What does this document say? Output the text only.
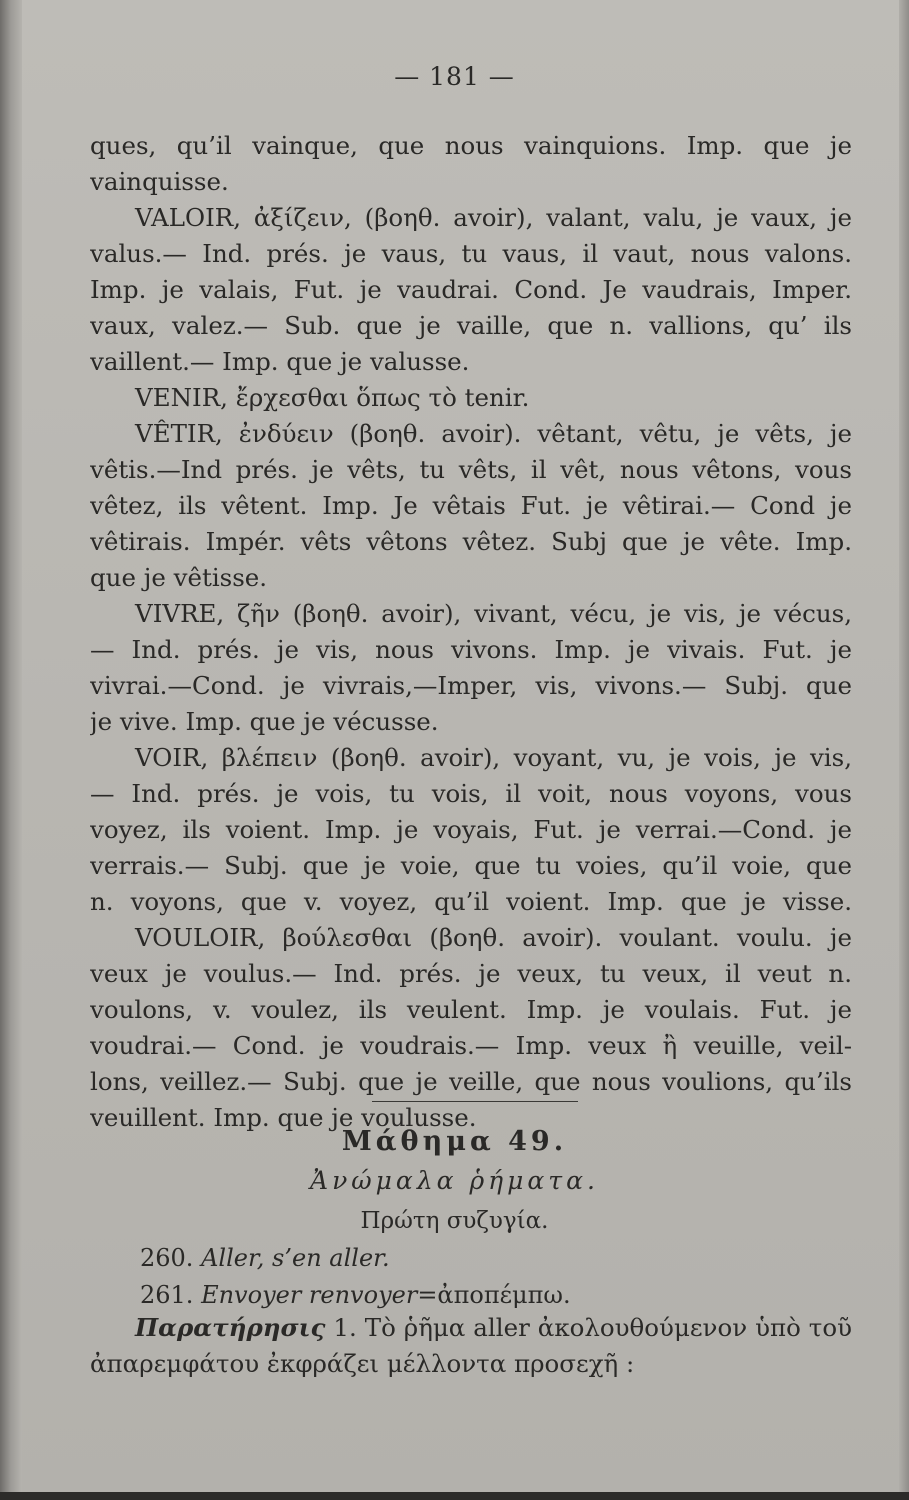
— 181 —
ques, qu’il vainque, que nous vainquions. Imp. que je
vainquisse.
VALOIR, ἀξίζειν, (βοηθ. avoir), valant, valu, je vaux, je
valus.— Ind. prés. je vaus, tu vaus, il vaut, nous valons.
Imp. je valais, Fut. je vaudrai. Cond. Je vaudrais, Imper.
vaux, valez.— Sub. que je vaille, que n. vallions, qu’ ils
vaillent.— Imp. que je valusse.
VENIR, ἔρχεσθαι ὅπως τὸ tenir.
VÊTIR, ἐνδύειν (βοηθ. avoir). vêtant, vêtu, je vêts, je
vêtis.—Ind prés. je vêts, tu vêts, il vêt, nous vêtons, vous
vêtez, ils vêtent. Imp. Je vêtais Fut. je vêtirai.— Cond je
vêtirais. Impér. vêts vêtons vêtez. Subj que je vête. Imp.
que je vêtisse.
VIVRE, ζῆν (βοηθ. avoir), vivant, vécu, je vis, je vécus,
— Ind. prés. je vis, nous vivons. Imp. je vivais. Fut. je
vivrai.—Cond. je vivrais,—Imper, vis, vivons.— Subj. que
je vive. Imp. que je vécusse.
VOIR, βλέπειν (βοηθ. avoir), voyant, vu, je vois, je vis,
— Ind. prés. je vois, tu vois, il voit, nous voyons, vous
voyez, ils voient. Imp. je voyais, Fut. je verrai.—Cond. je
verrais.— Subj. que je voie, que tu voies, qu’il voie, que
n. voyons, que v. voyez, qu’il voient. Imp. que je visse.
VOULOIR, βούλεσθαι (βοηθ. avoir). voulant. voulu. je
veux je voulus.— Ind. prés. je veux, tu veux, il veut n.
voulons, v. voulez, ils veulent. Imp. je voulais. Fut. je
voudrai.— Cond. je voudrais.— Imp. veux ἢ veuille, veil-
lons, veillez.— Subj. que je veille, que nous voulions, qu’ils
veuillent. Imp. que je voulusse.
Μάθημα 49.
Ἀνώμαλα ῥήματα.
Πρώτη συζυγία.
260. Aller, s’en aller.
261. Envoyer renvoyer=ἀποπέμπω.
Παρατήρησις 1. Τὸ ῥῆμα aller ἀκολουθούμενον ὑπὸ τοῦ
ἀπαρεμφάτου ἐκφράζει μέλλοντα προσεχῆ :
